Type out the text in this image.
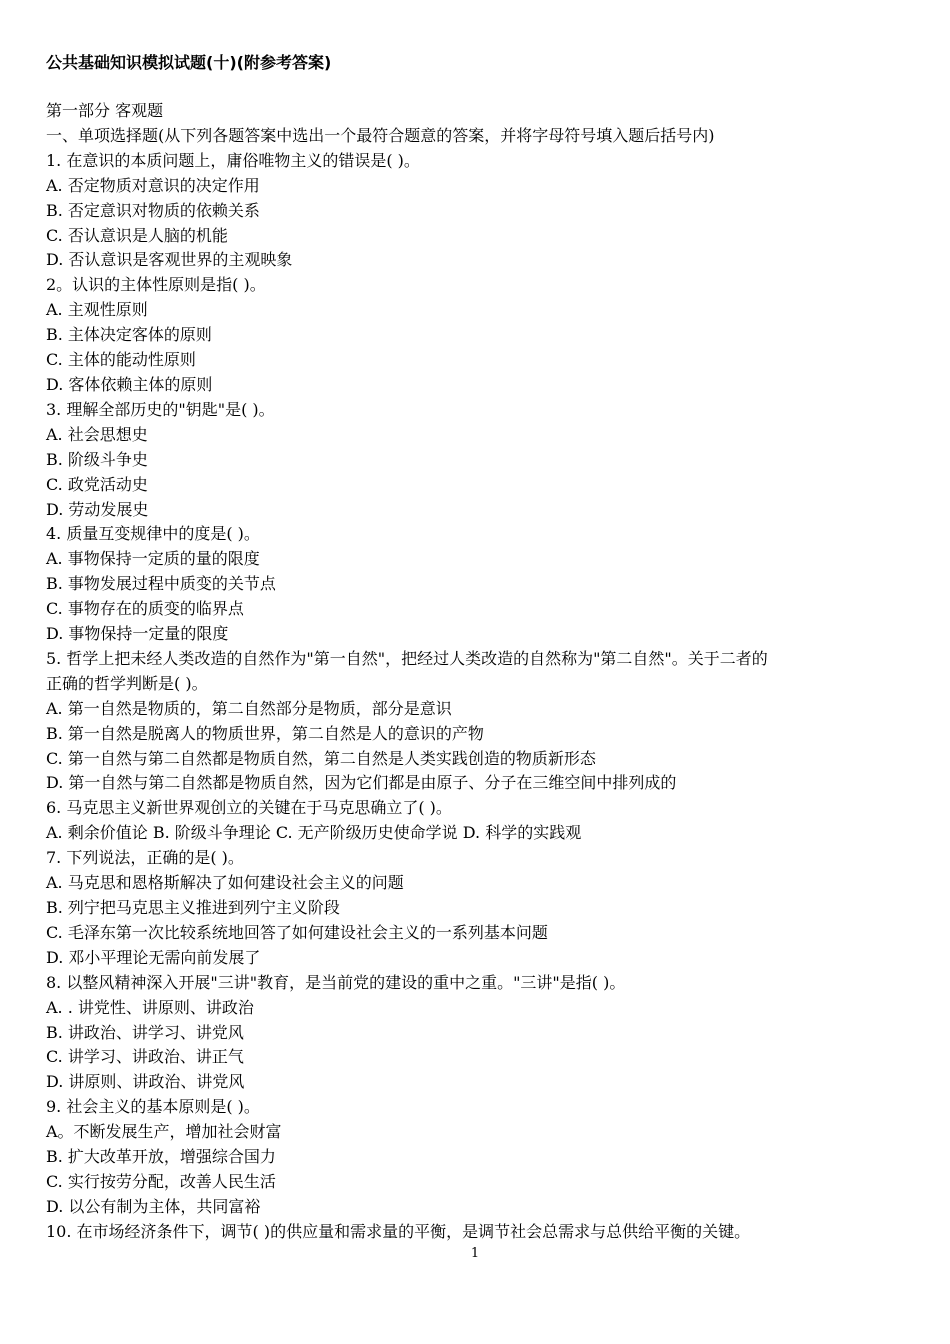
公共基础知识模拟试题(十)(附参考答案)
第一部分 客观题
一、单项选择题(从下列各题答案中选出一个最符合题意的答案，并将字母符号填入题后括号内)
1. 在意识的本质问题上，庸俗唯物主义的错误是( )。
A. 否定物质对意识的决定作用
B. 否定意识对物质的依赖关系
C. 否认意识是人脑的机能
D. 否认意识是客观世界的主观映象
2。认识的主体性原则是指( )。
A. 主观性原则
B. 主体决定客体的原则
C. 主体的能动性原则
D. 客体依赖主体的原则
3. 理解全部历史的"钥匙"是( )。
A. 社会思想史
B. 阶级斗争史
C. 政党活动史
D. 劳动发展史
4. 质量互变规律中的度是( )。
A. 事物保持一定质的量的限度
B. 事物发展过程中质变的关节点
C. 事物存在的质变的临界点
D. 事物保持一定量的限度
5. 哲学上把未经人类改造的自然作为"第一自然"，把经过人类改造的自然称为"第二自然"。关于二者的
正确的哲学判断是( )。
A. 第一自然是物质的，第二自然部分是物质，部分是意识
B. 第一自然是脱离人的物质世界，第二自然是人的意识的产物
C. 第一自然与第二自然都是物质自然，第二自然是人类实践创造的物质新形态
D. 第一自然与第二自然都是物质自然，因为它们都是由原子、分子在三维空间中排列成的
6. 马克思主义新世界观创立的关键在于马克思确立了( )。
A. 剩余价值论 B. 阶级斗争理论 C. 无产阶级历史使命学说 D. 科学的实践观
7. 下列说法，正确的是( )。
A. 马克思和恩格斯解决了如何建设社会主义的问题
B. 列宁把马克思主义推进到列宁主义阶段
C. 毛泽东第一次比较系统地回答了如何建设社会主义的一系列基本问题
D. 邓小平理论无需向前发展了
8. 以整风精神深入开展"三讲"教育，是当前党的建设的重中之重。"三讲"是指( )。
A. . 讲党性、讲原则、讲政治
B. 讲政治、讲学习、讲党风
C. 讲学习、讲政治、讲正气
D. 讲原则、讲政治、讲党风
9. 社会主义的基本原则是( )。
A。不断发展生产，增加社会财富
B. 扩大改革开放，增强综合国力
C. 实行按劳分配，改善人民生活
D. 以公有制为主体，共同富裕
10. 在市场经济条件下，调节( )的供应量和需求量的平衡，是调节社会总需求与总供给平衡的关键。
1
